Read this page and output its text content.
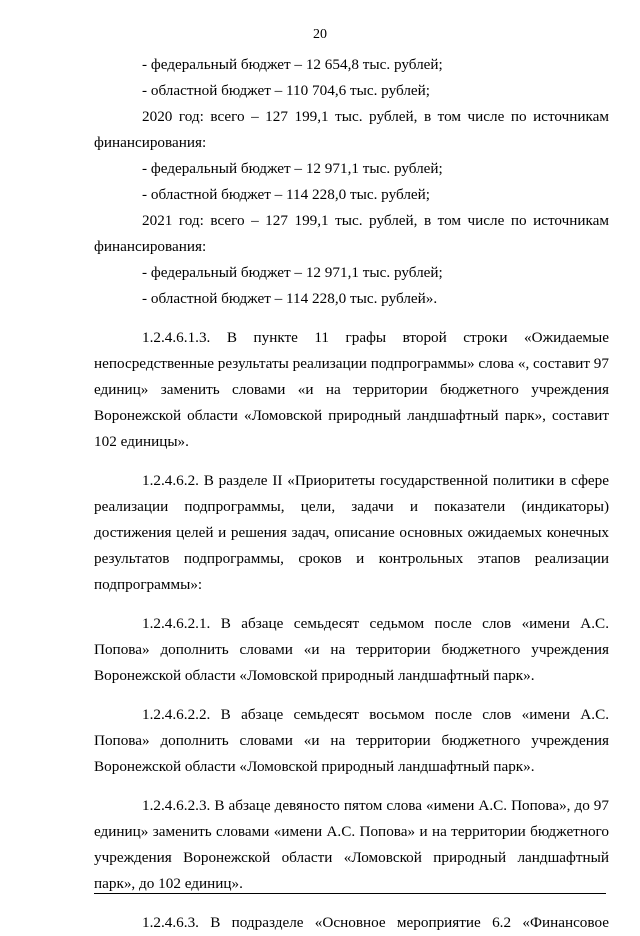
20

- федеральный бюджет – 12 654,8 тыс. рублей;

- областной бюджет – 110 704,6 тыс. рублей;

2020 год: всего – 127 199,1 тыс. рублей, в том числе по источникам финансирования:

- федеральный бюджет – 12 971,1 тыс. рублей;

- областной бюджет – 114 228,0 тыс. рублей;

2021 год: всего – 127 199,1 тыс. рублей, в том числе по источникам финансирования:

- федеральный бюджет – 12 971,1 тыс. рублей;

- областной бюджет – 114 228,0 тыс. рублей».

1.2.4.6.1.3. В пункте 11 графы второй строки «Ожидаемые непосредственные результаты реализации подпрограммы» слова «, составит 97 единиц» заменить словами «и на территории бюджетного учреждения Воронежской области «Ломовской природный ландшафтный парк», составит 102 единицы».

1.2.4.6.2. В разделе II «Приоритеты государственной политики в сфере реализации подпрограммы, цели, задачи и показатели (индикаторы) достижения целей и решения задач, описание основных ожидаемых конечных результатов подпрограммы, сроков и контрольных этапов реализации подпрограммы»:

1.2.4.6.2.1. В абзаце семьдесят седьмом после слов «имени А.С. Попова» дополнить словами «и на территории бюджетного учреждения Воронежской области «Ломовской природный ландшафтный парк».

1.2.4.6.2.2. В абзаце семьдесят восьмом после слов «имени А.С. Попова» дополнить словами «и на территории бюджетного учреждения Воронежской области «Ломовской природный ландшафтный парк».

1.2.4.6.2.3. В абзаце девяносто пятом слова «имени А.С. Попова», до 97 единиц» заменить словами «имени А.С. Попова» и на территории бюджетного учреждения Воронежской области «Ломовской природный ландшафтный парк», до 102 единиц».

1.2.4.6.3. В подразделе «Основное мероприятие 6.2 «Финансовое
